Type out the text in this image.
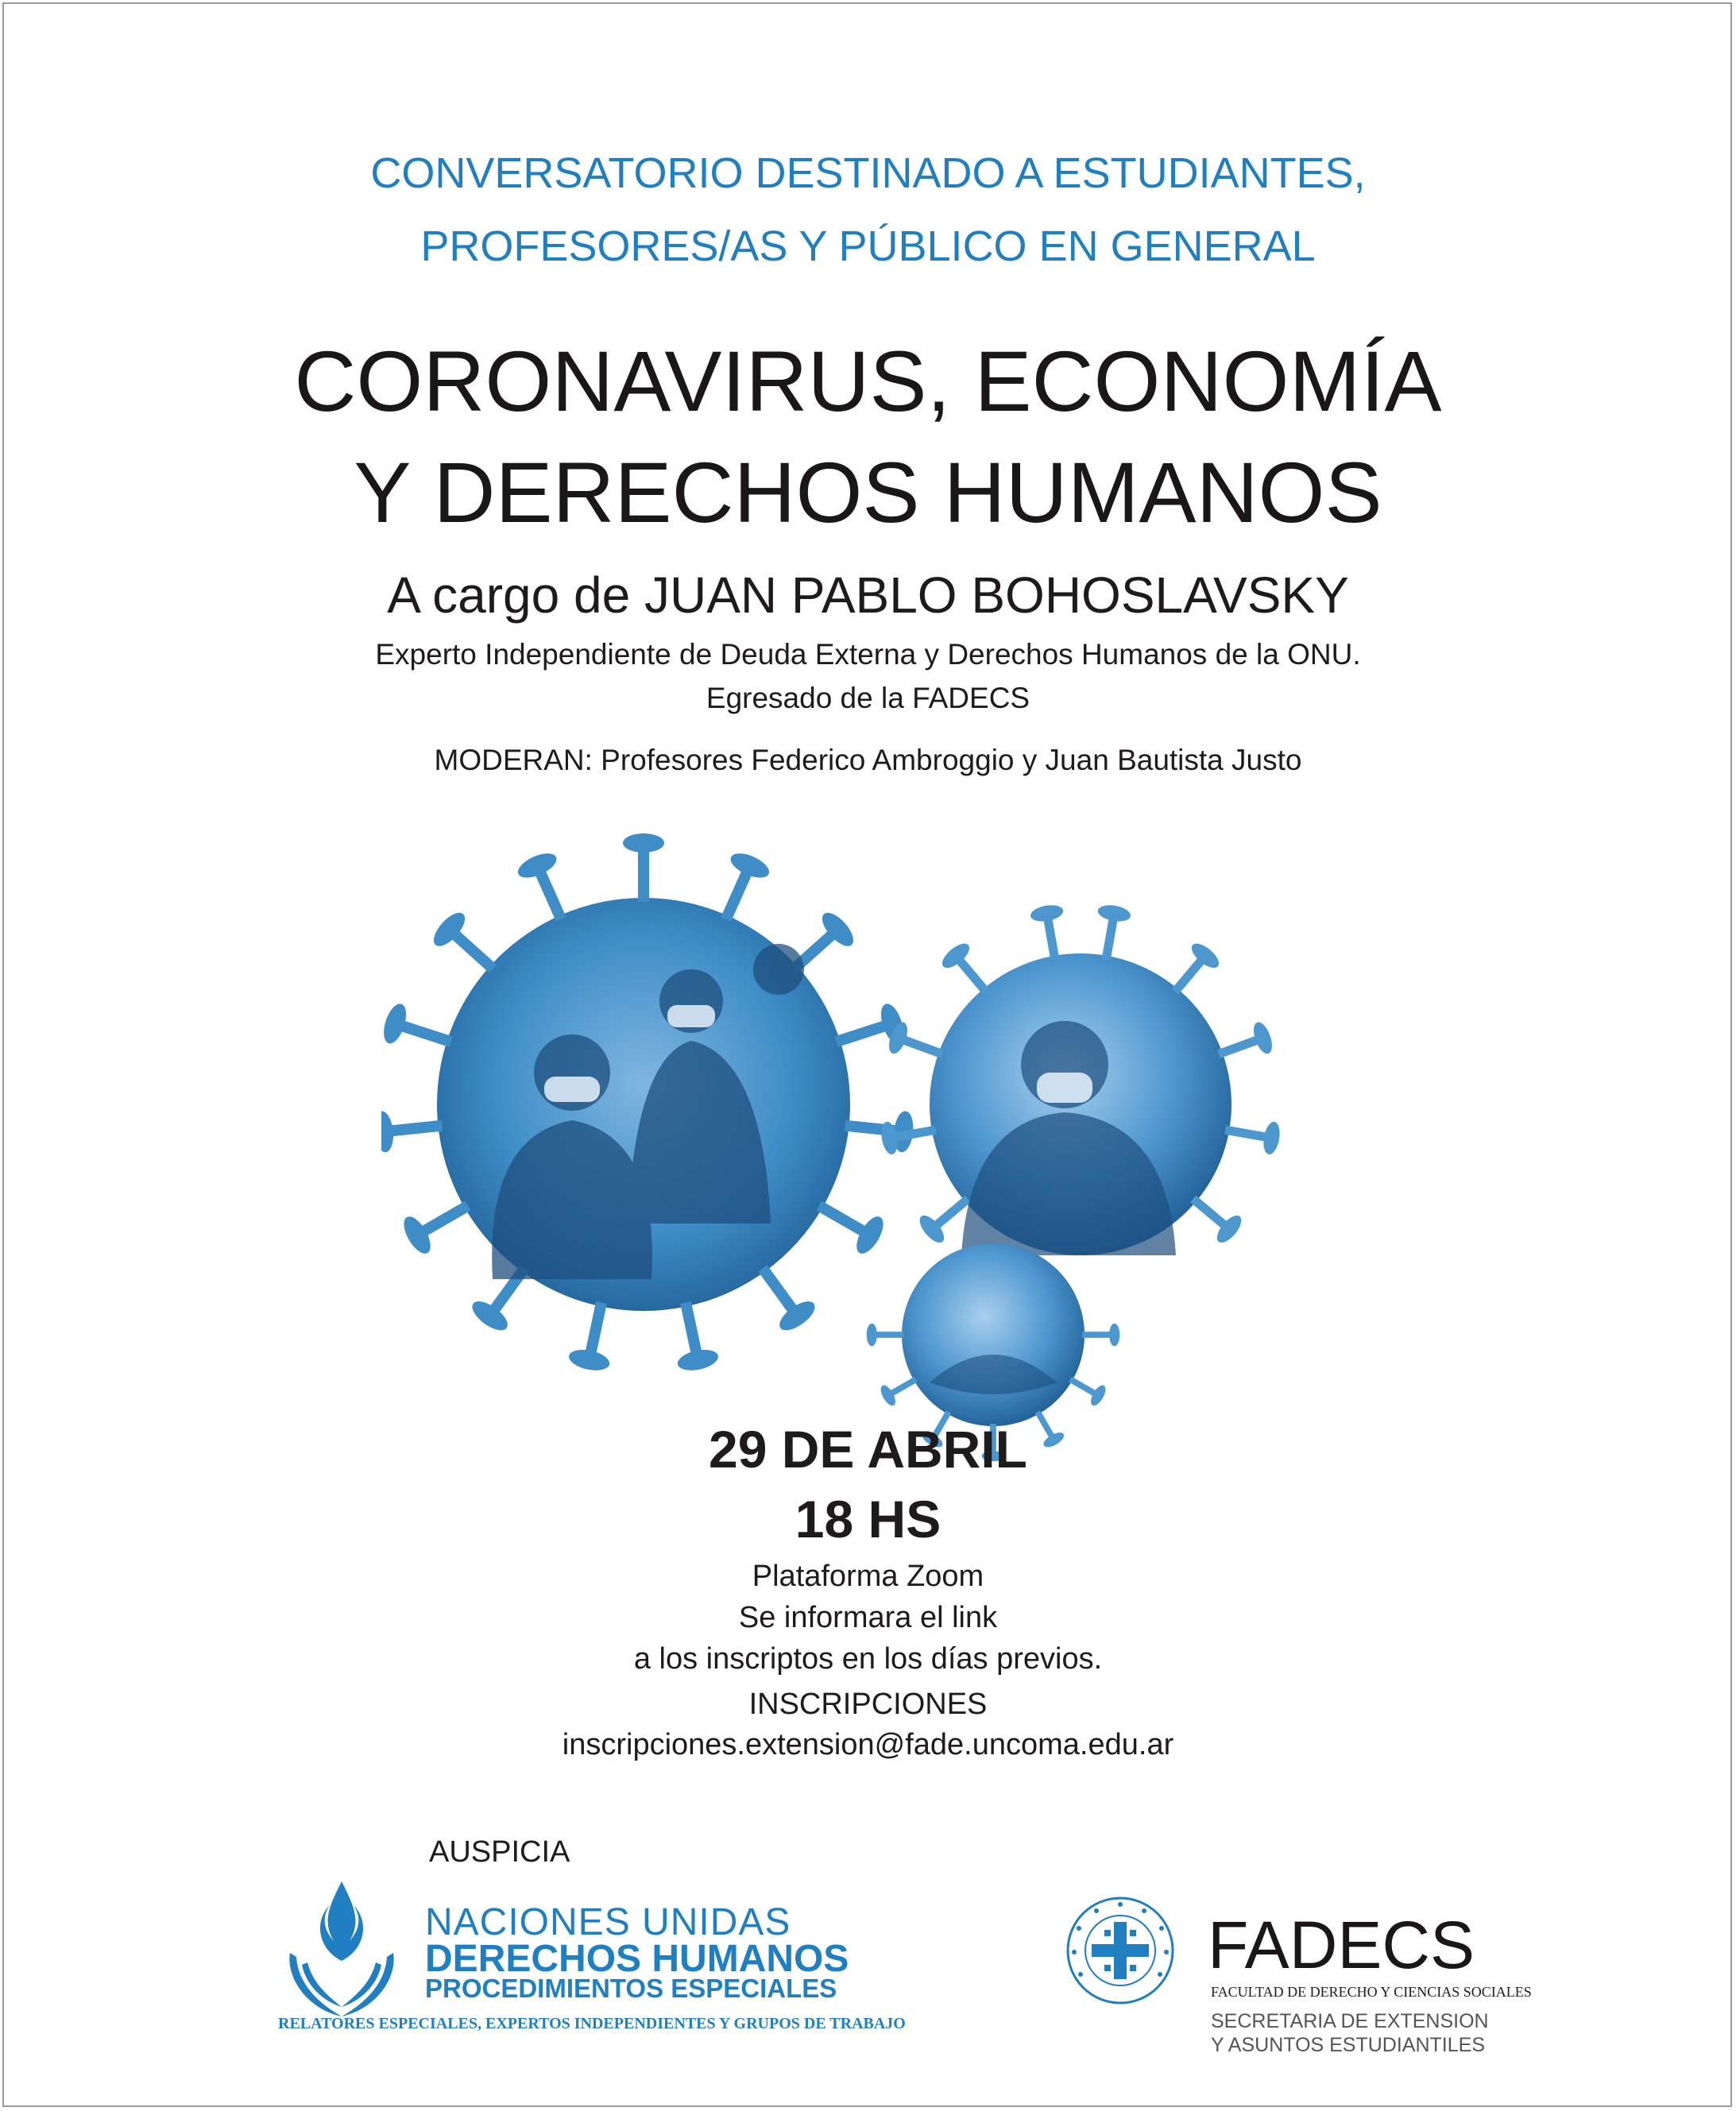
CONVERSATORIO DESTINADO A ESTUDIANTES,
PROFESORES/AS Y PÚBLICO EN GENERAL
CORONAVIRUS, ECONOMÍA
Y DERECHOS HUMANOS
A cargo de JUAN PABLO BOHOSLAVSKY
Experto Independiente de Deuda Externa y Derechos Humanos de la ONU.
Egresado de la FADECS
MODERAN: Profesores Federico Ambroggio y Juan Bautista Justo
29 DE ABRIL
18 HS
Plataforma Zoom
Se informara el link
a los inscriptos en los días previos.
INSCRIPCIONES
inscripciones.extension@fade.uncoma.edu.ar
AUSPICIA
NACIONES UNIDAS
DERECHOS HUMANOS
PROCEDIMIENTOS ESPECIALES
RELATORES ESPECIALES, EXPERTOS INDEPENDIENTES Y GRUPOS DE TRABAJO
FADECS
FACULTAD DE DERECHO Y CIENCIAS SOCIALES
SECRETARIA DE EXTENSION
Y ASUNTOS ESTUDIANTILES
